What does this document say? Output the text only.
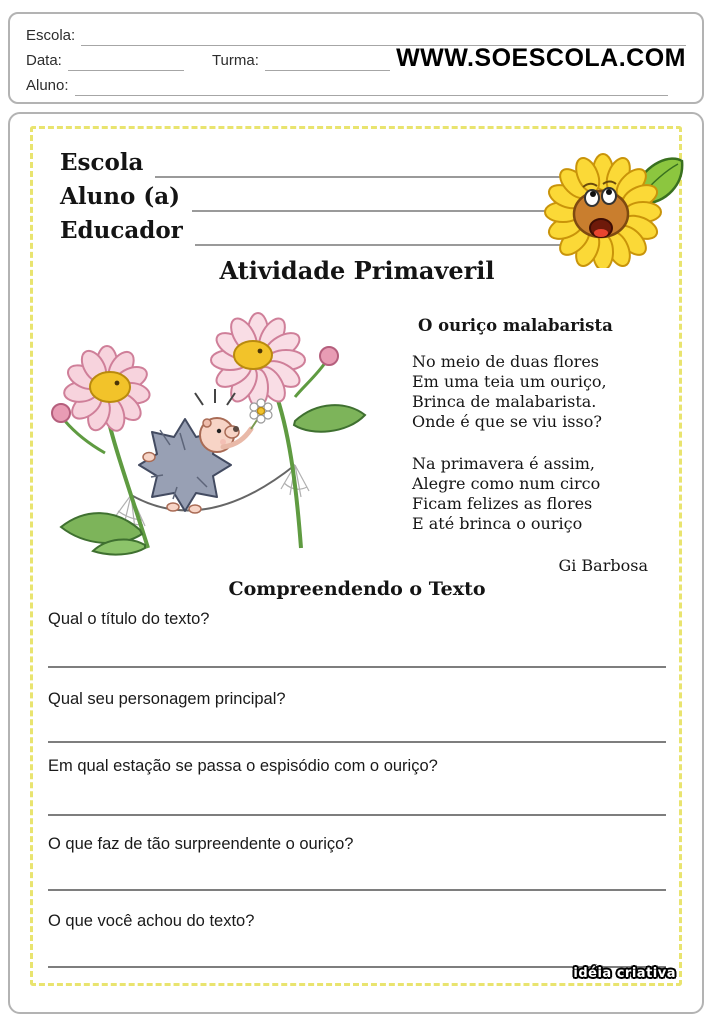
Escola:
Data:	Turma:	WWW.SOESCOLA.COM
Aluno:
Escola
Aluno (a)
Educador
Atividade Primaveril
O ouriço malabarista
No meio de duas flores
Em uma teia um ouriço,
Brinca de malabarista.
Onde é que se viu isso?
Na primavera é assim,
Alegre como num circo
Ficam felizes as flores
E até brinca o ouriço
Gi Barbosa
Compreendendo o Texto
Qual o título do texto?
Qual seu personagem principal?
Em qual estação se passa o espisódio com o ouriço?
O que faz de tão surpreendente o ouriço?
O que você achou do texto?
idéia criativa
